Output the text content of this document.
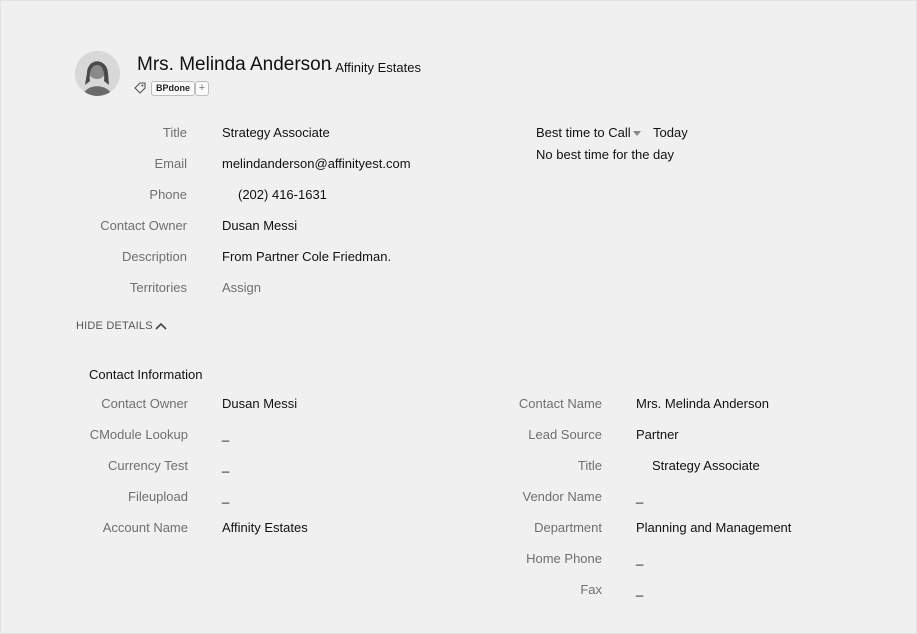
Mrs. Melinda Anderson
- Affinity Estates
BPdone +
Title	Strategy Associate
Email	melindanderson@affinityest.com
Phone	(202) 416-1631
Contact Owner	Dusan Messi
Description	From Partner Cole Friedman.
Territories	Assign
Best time to Call Today
No best time for the day
HIDE DETAILS
Contact Information
Contact Owner	Dusan Messi
CModule Lookup	_
Currency Test	_
Fileupload	_
Account Name	Affinity Estates
Contact Name	Mrs. Melinda Anderson
Lead Source	Partner
Title	Strategy Associate
Vendor Name	_
Department	Planning and Management
Home Phone	_
Fax	_
